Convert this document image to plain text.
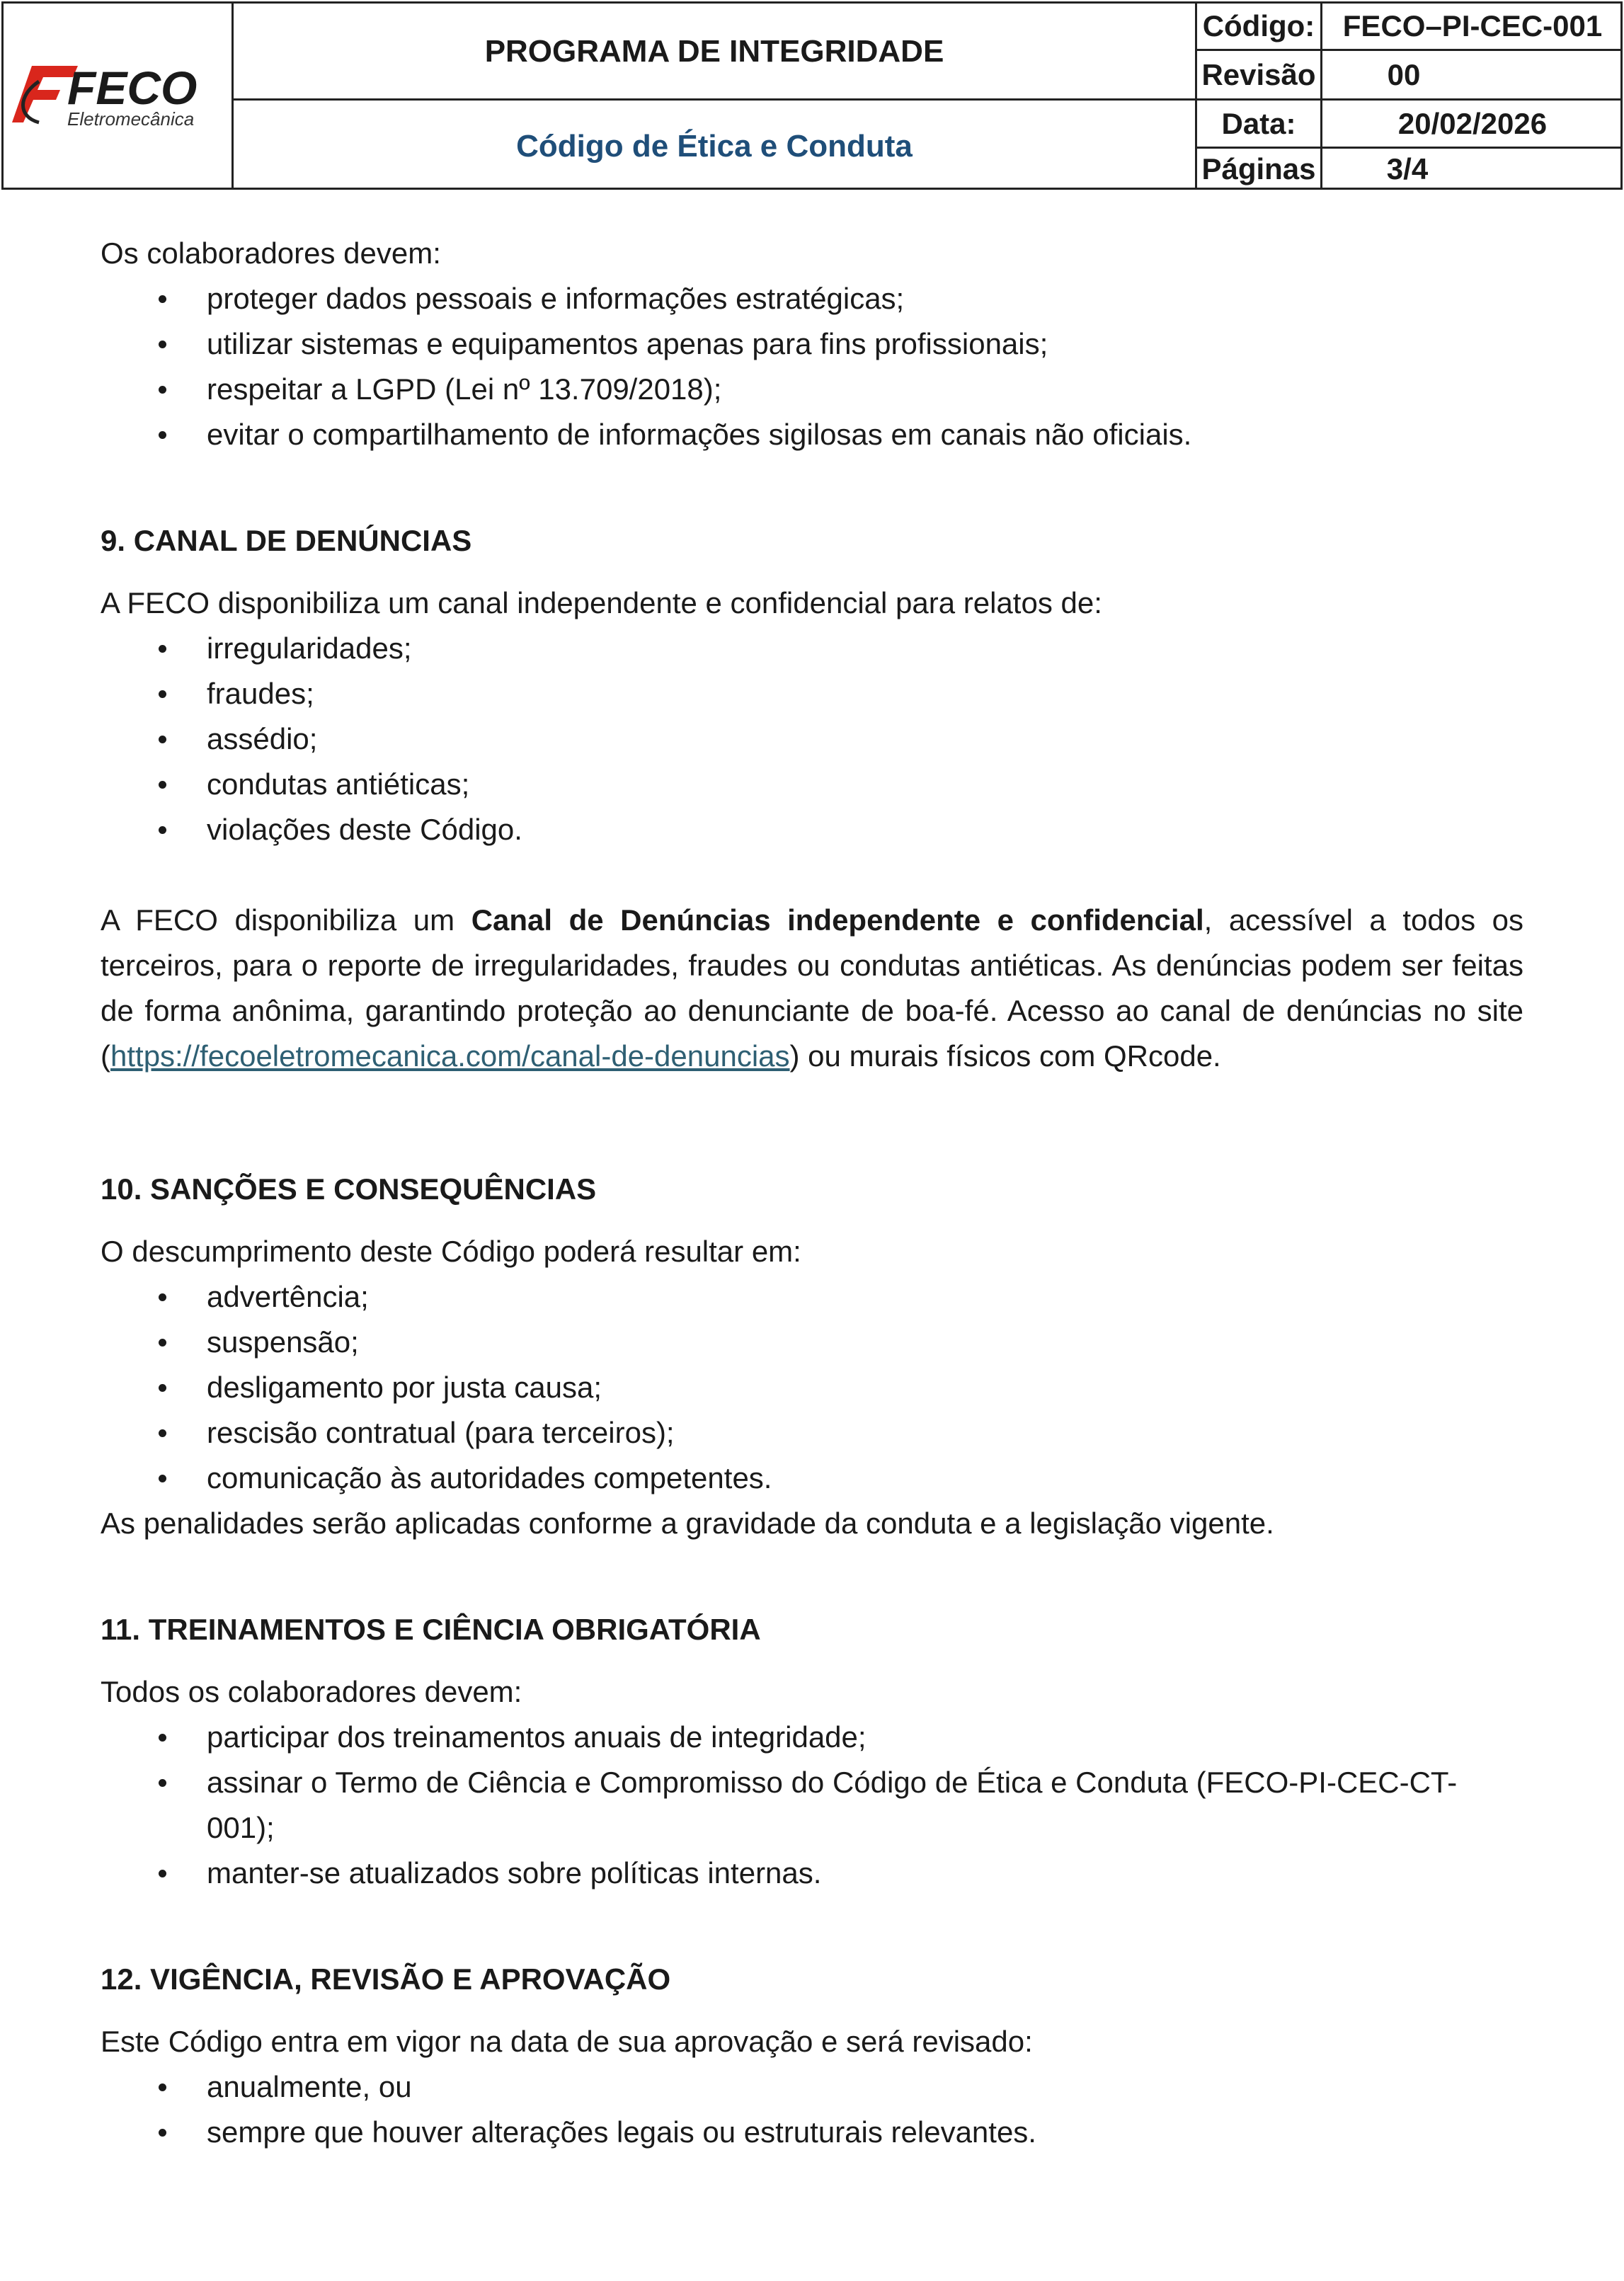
FECO
Eletromecânica
PROGRAMA DE INTEGRIDADE
Código de Ética e Conduta
Código: FECO–PI-CEC-001
Revisão	00
Data:	20/02/2026
Páginas	3/4

Os colaboradores devem:

proteger dados pessoais e informações estratégicas;
utilizar sistemas e equipamentos apenas para fins profissionais;
respeitar a LGPD (Lei nº 13.709/2018);
evitar o compartilhamento de informações sigilosas em canais não oficiais.

9. CANAL DE DENÚNCIAS

A FECO disponibiliza um canal independente e confidencial para relatos de:

irregularidades;
fraudes;
assédio;
condutas antiéticas;
violações deste Código.

A FECO disponibiliza um Canal de Denúncias independente e confidencial, acessível a todos os terceiros, para o reporte de irregularidades, fraudes ou condutas antiéticas. As denúncias podem ser feitas de forma anônima, garantindo proteção ao denunciante de boa-fé. Acesso ao canal de denúncias no site (https://fecoeletromecanica.com/canal-de-denuncias) ou murais físicos com QRcode.

10. SANÇÕES E CONSEQUÊNCIAS

O descumprimento deste Código poderá resultar em:

advertência;
suspensão;
desligamento por justa causa;
rescisão contratual (para terceiros);
comunicação às autoridades competentes.

As penalidades serão aplicadas conforme a gravidade da conduta e a legislação vigente.

11. TREINAMENTOS E CIÊNCIA OBRIGATÓRIA

Todos os colaboradores devem:

participar dos treinamentos anuais de integridade;
assinar o Termo de Ciência e Compromisso do Código de Ética e Conduta (FECO-PI-CEC-CT-001);
manter-se atualizados sobre políticas internas.

12. VIGÊNCIA, REVISÃO E APROVAÇÃO

Este Código entra em vigor na data de sua aprovação e será revisado:

anualmente, ou
sempre que houver alterações legais ou estruturais relevantes.
